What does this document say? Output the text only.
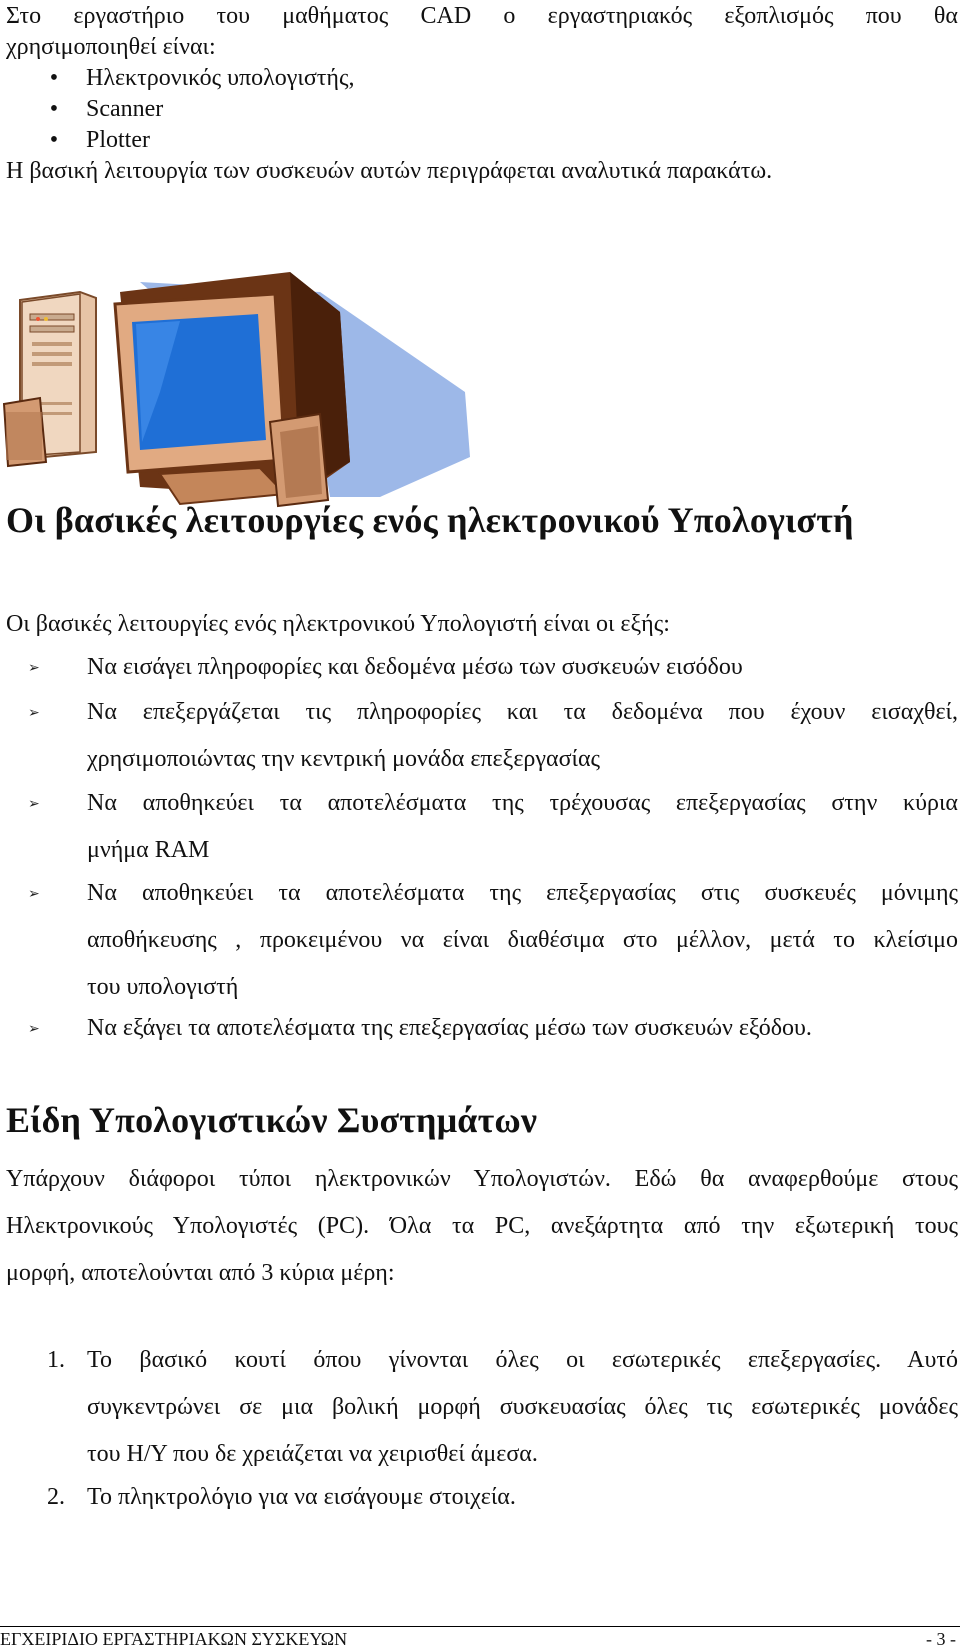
Στο εργαστήριο του μαθήματος CAD ο εργαστηριακός εξοπλισμός που θα
χρησιμοποιηθεί είναι:
• Ηλεκτρονικός υπολογιστής,
• Scanner
• Plotter
Η βασική λειτουργία των συσκευών αυτών περιγράφεται αναλυτικά παρακάτω.
Οι βασικές λειτουργίες ενός ηλεκτρονικού Υπολογιστή
Οι βασικές λειτουργίες ενός ηλεκτρονικού Υπολογιστή είναι οι εξής:
➢ Να εισάγει πληροφορίες και δεδομένα μέσω των συσκευών εισόδου
➢ Να επεξεργάζεται τις πληροφορίες και τα δεδομένα που έχουν εισαχθεί,
χρησιμοποιώντας την κεντρική μονάδα επεξεργασίας
➢ Να αποθηκεύει τα αποτελέσματα της τρέχουσας επεξεργασίας στην κύρια
μνήμα RAM
➢ Να αποθηκεύει τα αποτελέσματα της επεξεργασίας στις συσκευές μόνιμης
αποθήκευσης , προκειμένου να είναι διαθέσιμα στο μέλλον, μετά το κλείσιμο
του υπολογιστή
➢ Να εξάγει τα αποτελέσματα της επεξεργασίας μέσω των συσκευών εξόδου.
Είδη Υπολογιστικών Συστημάτων
Υπάρχουν διάφοροι τύποι ηλεκτρονικών Υπολογιστών. Εδώ θα αναφερθούμε στους
Ηλεκτρονικούς Υπολογιστές (PC). Όλα τα PC, ανεξάρτητα από την εξωτερική τους
μορφή, αποτελούνται από 3 κύρια μέρη:
1. Το βασικό κουτί όπου γίνονται όλες οι εσωτερικές επεξεργασίες. Αυτό
συγκεντρώνει σε μια βολική μορφή συσκευασίας όλες τις εσωτερικές μονάδες
του Η/Υ που δε χρειάζεται να χειρισθεί άμεσα.
2. Το πληκτρολόγιο για να εισάγουμε στοιχεία.
ΕΓΧΕΙΡΙΔΙΟ ΕΡΓΑΣΤΗΡΙΑΚΩΝ ΣΥΣΚΕΥΩΝ	- 3 -
